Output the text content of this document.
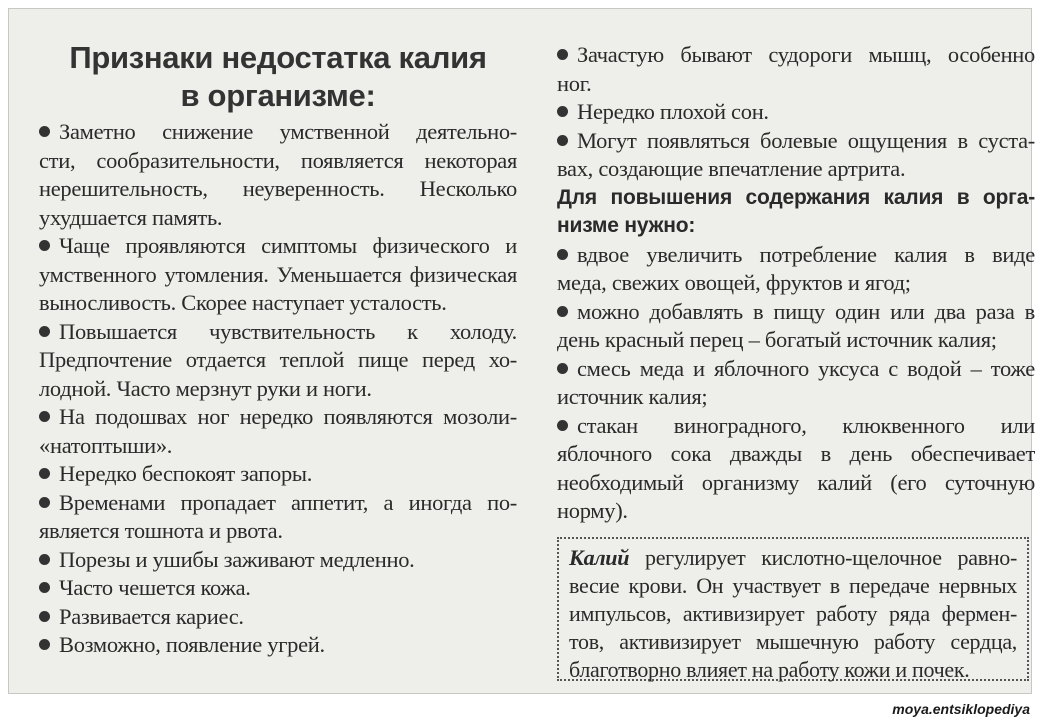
Признаки недостатка калия
в организме:
Заметно снижение умственной деятельно-
сти, сообразительности, появляется некоторая
нерешительность, неуверенность. Несколько
ухудшается память.
Чаще проявляются симптомы физического и
умственного утомления. Уменьшается физическая
выносливость. Скорее наступает усталость.
Повышается чувствительность к холоду.
Предпочтение отдается теплой пище перед хо-
лодной. Часто мерзнут руки и ноги.
На подошвах ног нередко появляются мозоли-
«натоптыши».
Нередко беспокоят запоры.
Временами пропадает аппетит, а иногда по-
является тошнота и рвота.
Порезы и ушибы заживают медленно.
Часто чешется кожа.
Развивается кариес.
Возможно, появление угрей.
Зачастую бывают судороги мышц, особенно
ног.
Нередко плохой сон.
Могут появляться болевые ощущения в суста-
вах, создающие впечатление артрита.
Для повышения содержания калия в орга-
низме нужно:
вдвое увеличить потребление калия в виде
меда, свежих овощей, фруктов и ягод;
можно добавлять в пищу один или два раза в
день красный перец – богатый источник калия;
смесь меда и яблочного уксуса с водой – тоже
источник калия;
стакан виноградного, клюквенного или
яблочного сока дважды в день обеспечивает
необходимый организму калий (его суточную
норму).
Калий регулирует кислотно-щелочное равно-
весие крови. Он участвует в передаче нервных
импульсов, активизирует работу ряда фермен-
тов, активизирует мышечную работу сердца,
благотворно влияет на работу кожи и почек.
moya.entsiklopediya
